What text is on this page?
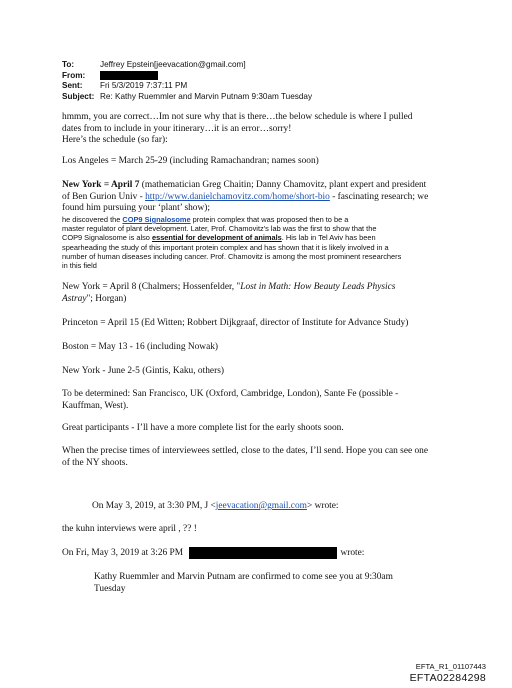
To:	Jeffrey Epstein[jeevacation@gmail.com]
From:
Sent:	Fri 5/3/2019 7:37:11 PM
Subject: Re: Kathy Ruemmler and Marvin Putnam 9:30am Tuesday
hmmm, you are correct…Im not sure why that is there…the below schedule is where I pulled
dates from to include in your itinerary…it is an error…sorry!
Here’s the schedule (so far):
Los Angeles = March 25-29 (including Ramachandran; names soon)
New York = April 7 (mathematician Greg Chaitin; Danny Chamovitz, plant expert and president
of Ben Gurion Univ - http://www.danielchamovitz.com/home/short-bio - fascinating research; we
found him pursuing your ‘plant’ show);
he discovered the COP9 Signalosome protein complex that was proposed then to be a
master regulator of plant development. Later, Prof. Chamovitz's lab was the first to show that the
COP9 Signalosome is also essential for development of animals. His lab in Tel Aviv has been
spearheading the study of this important protein complex and has shown that it is likely involved in a
number of human diseases including cancer. Prof. Chamovitz is among the most prominent researchers
in this field
New York = April 8 (Chalmers; Hossenfelder, "Lost in Math: How Beauty Leads Physics
Astray"; Horgan)
Princeton = April 15 (Ed Witten; Robbert Dijkgraaf, director of Institute for Advance Study)
Boston = May 13 - 16 (including Nowak)
New York - June 2-5 (Gintis, Kaku, others)
To be determined: San Francisco, UK (Oxford, Cambridge, London), Sante Fe (possible -
Kauffman, West).
Great participants - I’ll have a more complete list for the early shoots soon.
When the precise times of interviewees settled, close to the dates, I’ll send. Hope you can see one
of the NY shoots.
On May 3, 2019, at 3:30 PM, J <jeevacation@gmail.com> wrote:
the kuhn interviews were april , ?? !
On Fri, May 3, 2019 at 3:26 PM	wrote:
Kathy Ruemmler and Marvin Putnam are confirmed to come see you at 9:30am
Tuesday
EFTA_R1_01107443
EFTA02284298
